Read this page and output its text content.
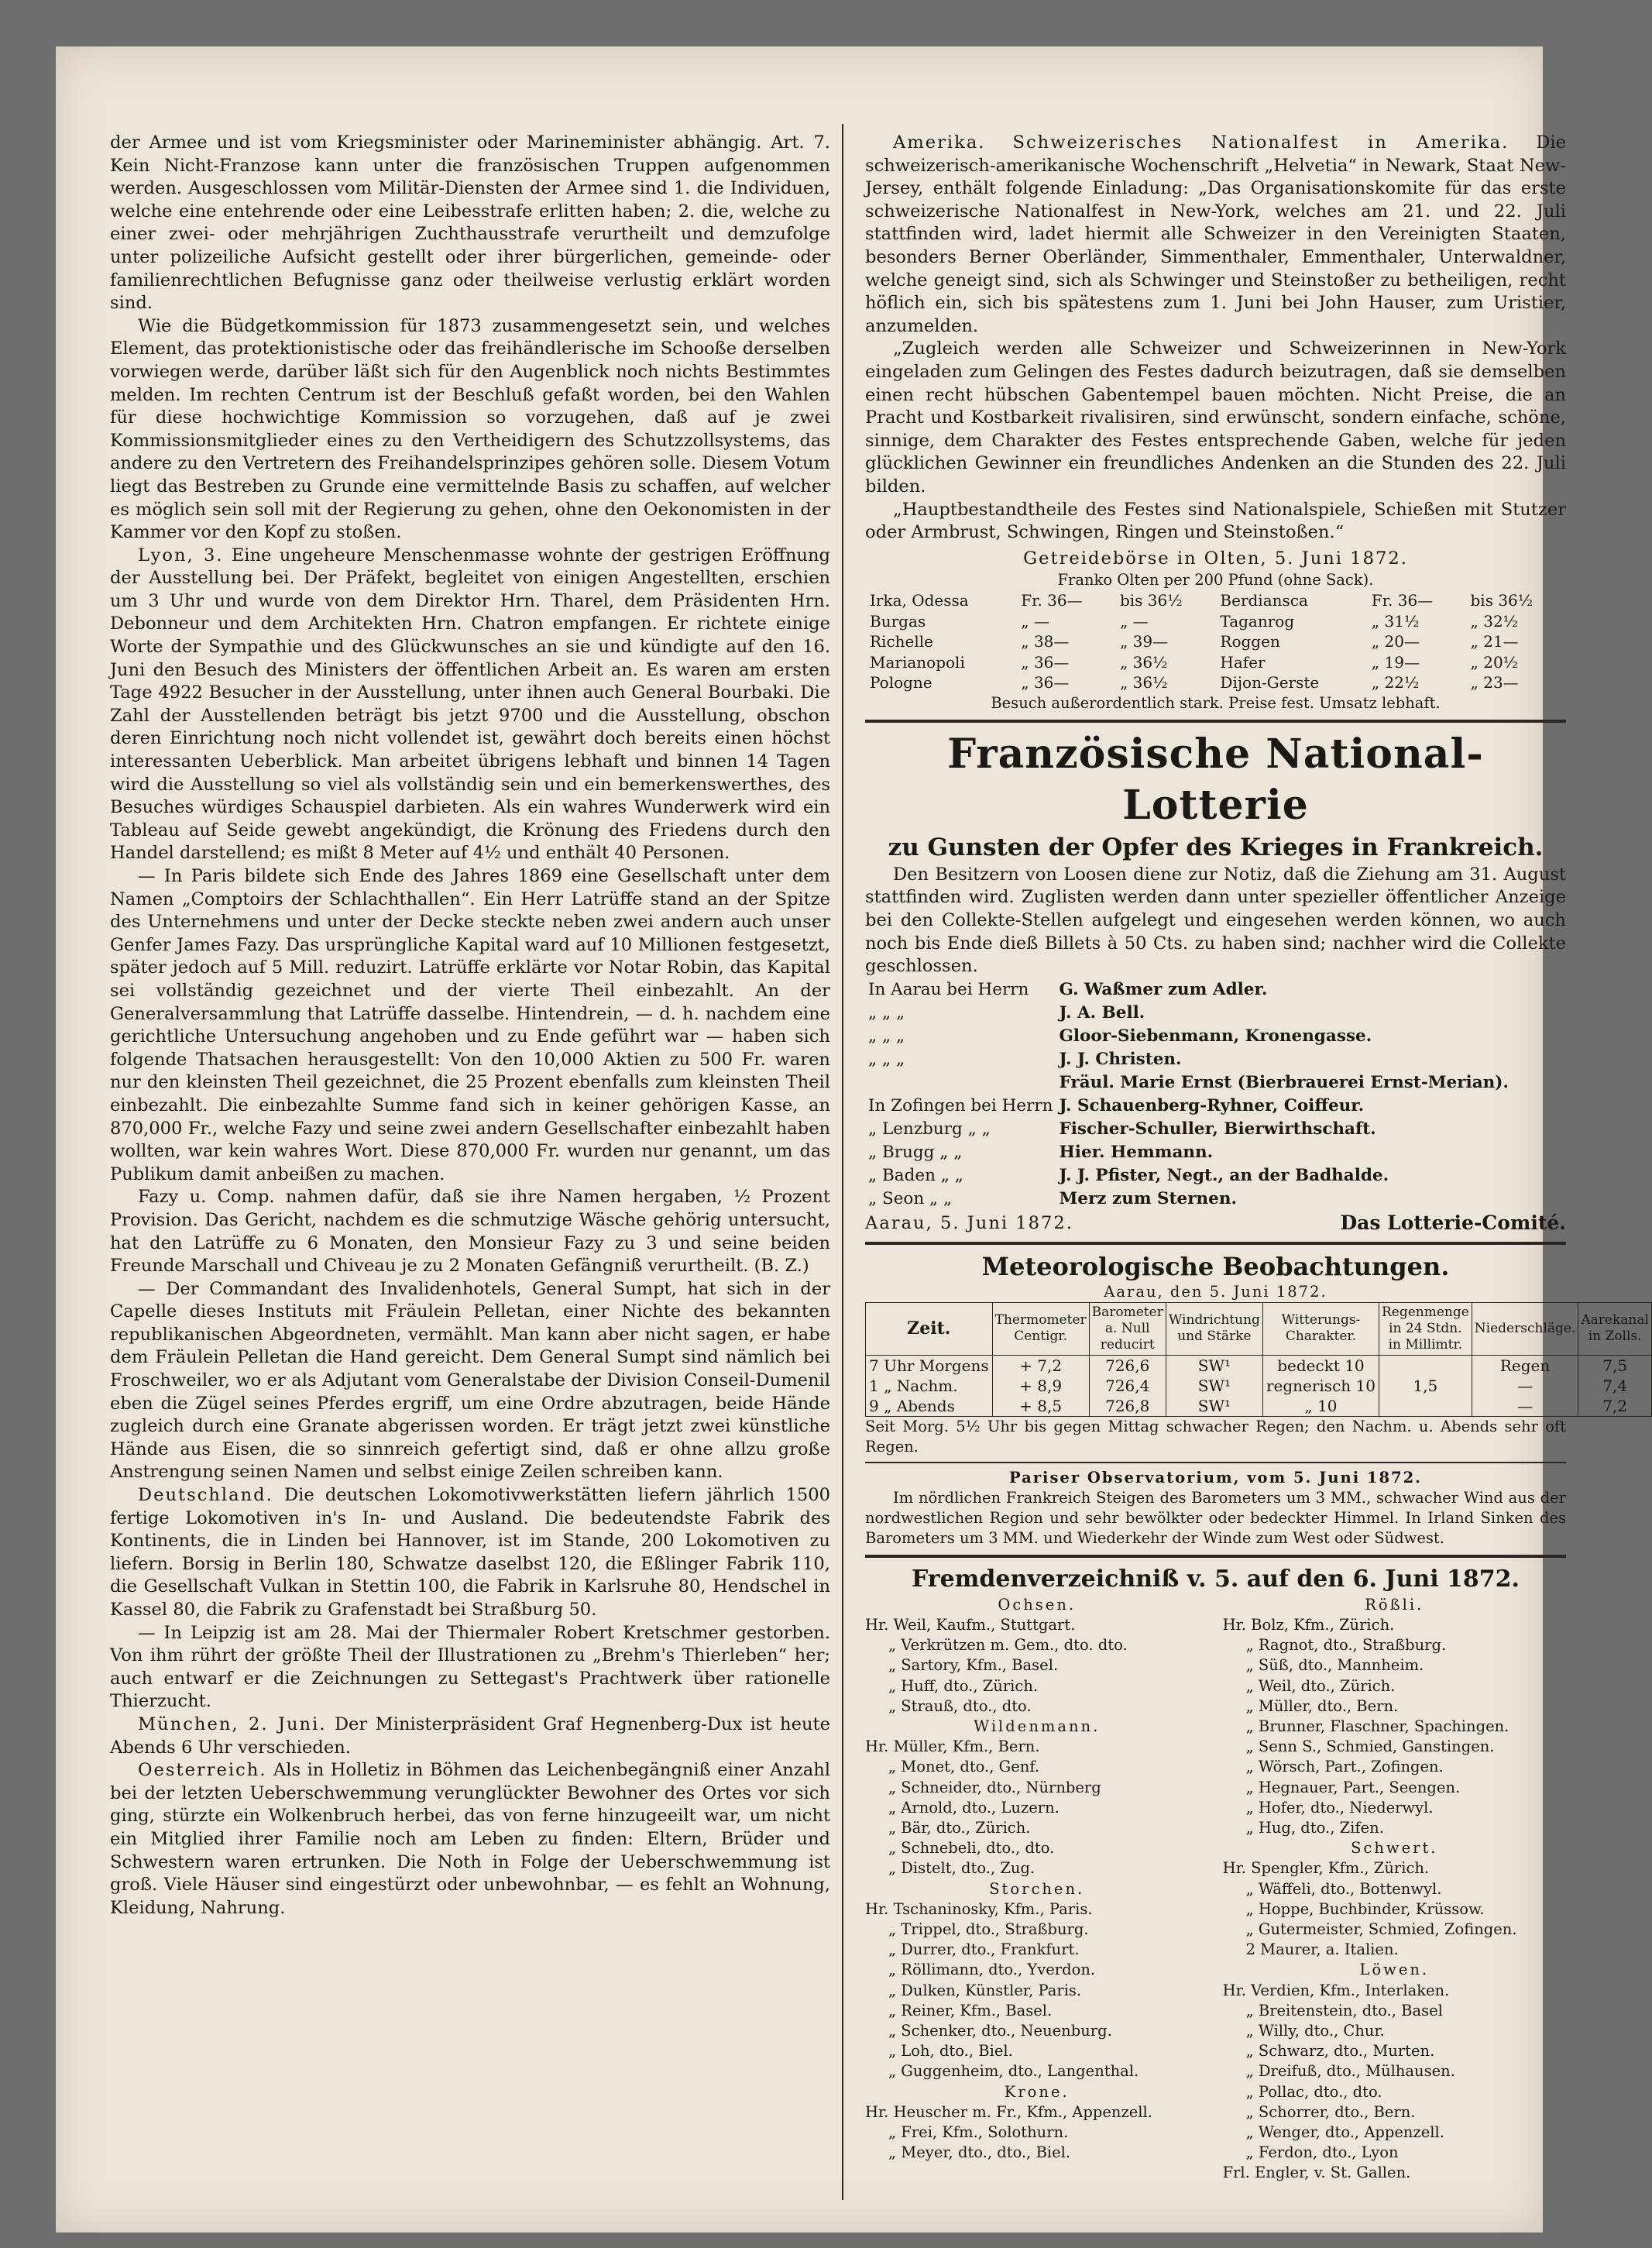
der Armee und ist vom Kriegsminister oder Marineminister abhängig. Art. 7. Kein Nicht-Franzose kann unter die französischen Truppen aufgenommen werden. Ausgeschlossen vom Militär-Diensten der Armee sind 1. die Individuen, welche eine entehrende oder eine Leibesstrafe erlitten haben; 2. die, welche zu einer zwei- oder mehrjährigen Zuchthausstrafe verurtheilt und demzufolge unter polizeiliche Aufsicht gestellt oder ihrer bürgerlichen, gemeinde- oder familienrechtlichen Befugnisse ganz oder theilweise verlustig erklärt worden sind.

Wie die Büdgetkommission für 1873 zusammengesetzt sein, und welches Element, das protektionistische oder das freihändlerische im Schooße derselben vorwiegen werde, darüber läßt sich für den Augenblick noch nichts Bestimmtes melden. Im rechten Centrum ist der Beschluß gefaßt worden, bei den Wahlen für diese hochwichtige Kommission so vorzugehen, daß auf je zwei Kommissionsmitglieder eines zu den Vertheidigern des Schutzzollsystems, das andere zu den Vertretern des Freihandelsprinzipes gehören solle. Diesem Votum liegt das Bestreben zu Grunde eine vermittelnde Basis zu schaffen, auf welcher es möglich sein soll mit der Regierung zu gehen, ohne den Oekonomisten in der Kammer vor den Kopf zu stoßen.

Lyon, 3. Eine ungeheure Menschenmasse wohnte der gestrigen Eröffnung der Ausstellung bei. Der Präfekt, begleitet von einigen Angestellten, erschien um 3 Uhr und wurde von dem Direktor Hrn. Tharel, dem Präsidenten Hrn. Debonneur und dem Architekten Hrn. Chatron empfangen. Er richtete einige Worte der Sympathie und des Glückwunsches an sie und kündigte auf den 16. Juni den Besuch des Ministers der öffentlichen Arbeit an. Es waren am ersten Tage 4922 Besucher in der Ausstellung, unter ihnen auch General Bourbaki. Die Zahl der Ausstellenden beträgt bis jetzt 9700 und die Ausstellung, obschon deren Einrichtung noch nicht vollendet ist, gewährt doch bereits einen höchst interessanten Ueberblick. Man arbeitet übrigens lebhaft und binnen 14 Tagen wird die Ausstellung so viel als vollständig sein und ein bemerkenswerthes, des Besuches würdiges Schauspiel darbieten. Als ein wahres Wunderwerk wird ein Tableau auf Seide gewebt angekündigt, die Krönung des Friedens durch den Handel darstellend; es mißt 8 Meter auf 4½ und enthält 40 Personen.

— In Paris bildete sich Ende des Jahres 1869 eine Gesellschaft unter dem Namen „Comptoirs der Schlachthallen“. Ein Herr Latrüffe stand an der Spitze des Unternehmens und unter der Decke steckte neben zwei andern auch unser Genfer James Fazy. Das ursprüngliche Kapital ward auf 10 Millionen festgesetzt, später jedoch auf 5 Mill. reduzirt. Latrüffe erklärte vor Notar Robin, das Kapital sei vollständig gezeichnet und der vierte Theil einbezahlt. An der Generalversammlung that Latrüffe dasselbe. Hintendrein, — d. h. nachdem eine gerichtliche Untersuchung angehoben und zu Ende geführt war — haben sich folgende Thatsachen herausgestellt: Von den 10,000 Aktien zu 500 Fr. waren nur den kleinsten Theil gezeichnet, die 25 Prozent ebenfalls zum kleinsten Theil einbezahlt. Die einbezahlte Summe fand sich in keiner gehörigen Kasse, an 870,000 Fr., welche Fazy und seine zwei andern Gesellschafter einbezahlt haben wollten, war kein wahres Wort. Diese 870,000 Fr. wurden nur genannt, um das Publikum damit anbeißen zu machen.

Fazy u. Comp. nahmen dafür, daß sie ihre Namen hergaben, ½ Prozent Provision. Das Gericht, nachdem es die schmutzige Wäsche gehörig untersucht, hat den Latrüffe zu 6 Monaten, den Monsieur Fazy zu 3 und seine beiden Freunde Marschall und Chiveau je zu 2 Monaten Gefängniß verurtheilt. (B. Z.)

— Der Commandant des Invalidenhotels, General Sumpt, hat sich in der Capelle dieses Instituts mit Fräulein Pelletan, einer Nichte des bekannten republikanischen Abgeordneten, vermählt. Man kann aber nicht sagen, er habe dem Fräulein Pelletan die Hand gereicht. Dem General Sumpt sind nämlich bei Froschweiler, wo er als Adjutant vom Generalstabe der Division Conseil-Dumenil eben die Zügel seines Pferdes ergriff, um eine Ordre abzutragen, beide Hände zugleich durch eine Granate abgerissen worden. Er trägt jetzt zwei künstliche Hände aus Eisen, die so sinnreich gefertigt sind, daß er ohne allzu große Anstrengung seinen Namen und selbst einige Zeilen schreiben kann.

Deutschland. Die deutschen Lokomotivwerkstätten liefern jährlich 1500 fertige Lokomotiven in's In- und Ausland. Die bedeutendste Fabrik des Kontinents, die in Linden bei Hannover, ist im Stande, 200 Lokomotiven zu liefern. Borsig in Berlin 180, Schwatze daselbst 120, die Eßlinger Fabrik 110, die Gesellschaft Vulkan in Stettin 100, die Fabrik in Karlsruhe 80, Hendschel in Kassel 80, die Fabrik zu Grafenstadt bei Straßburg 50.

— In Leipzig ist am 28. Mai der Thiermaler Robert Kretschmer gestorben. Von ihm rührt der größte Theil der Illustrationen zu „Brehm's Thierleben“ her; auch entwarf er die Zeichnungen zu Settegast's Prachtwerk über rationelle Thierzucht.

München, 2. Juni. Der Ministerpräsident Graf Hegnenberg-Dux ist heute Abends 6 Uhr verschieden.

Oesterreich. Als in Holletiz in Böhmen das Leichenbegängniß einer Anzahl bei der letzten Ueberschwemmung verunglückter Bewohner des Ortes vor sich ging, stürzte ein Wolkenbruch herbei, das von ferne hinzugeeilt war, um nicht ein Mitglied ihrer Familie noch am Leben zu finden: Eltern, Brüder und Schwestern waren ertrunken. Die Noth in Folge der Ueberschwemmung ist groß. Viele Häuser sind eingestürzt oder unbewohnbar, — es fehlt an Wohnung, Kleidung, Nahrung.

Amerika. Schweizerisches Nationalfest in Amerika. Die schweizerisch-amerikanische Wochenschrift „Helvetia“ in Newark, Staat New-Jersey, enthält folgende Einladung: „Das Organisationskomite für das erste schweizerische Nationalfest in New-York, welches am 21. und 22. Juli stattfinden wird, ladet hiermit alle Schweizer in den Vereinigten Staaten, besonders Berner Oberländer, Simmenthaler, Emmenthaler, Unterwaldner, welche geneigt sind, sich als Schwinger und Steinstoßer zu betheiligen, recht höflich ein, sich bis spätestens zum 1. Juni bei John Hauser, zum Uristier, anzumelden.

„Zugleich werden alle Schweizer und Schweizerinnen in New-York eingeladen zum Gelingen des Festes dadurch beizutragen, daß sie demselben einen recht hübschen Gabentempel bauen möchten. Nicht Preise, die an Pracht und Kostbarkeit rivalisiren, sind erwünscht, sondern einfache, schöne, sinnige, dem Charakter des Festes entsprechende Gaben, welche für jeden glücklichen Gewinner ein freundliches Andenken an die Stunden des 22. Juli bilden.

„Hauptbestandtheile des Festes sind Nationalspiele, Schießen mit Stutzer oder Armbrust, Schwingen, Ringen und Steinstoßen.“

Getreidebörse in Olten, 5. Juni 1872.

Franko Olten per 200 Pfund (ohne Sack).

Irka, Odessa	Fr. 36—	bis 36½	Berdiansca	Fr. 36—	bis 36½
Burgas	„ —	„ —	Taganrog	„ 31½	„ 32½
Richelle	„ 38—	„ 39—	Roggen	„ 20—	„ 21—
Marianopoli	„ 36—	„ 36½	Hafer	„ 19—	„ 20½
Pologne	„ 36—	„ 36½	Dijon-Gerste	„ 22½	„ 23—

Besuch außerordentlich stark. Preise fest. Umsatz lebhaft.

Französische National-Lotterie
zu Gunsten der Opfer des Krieges in Frankreich.

Den Besitzern von Loosen diene zur Notiz, daß die Ziehung am 31. August stattfinden wird. Zuglisten werden dann unter spezieller öffentlicher Anzeige bei den Collekte-Stellen aufgelegt und eingesehen werden können, wo auch noch bis Ende dieß Billets à 50 Cts. zu haben sind; nachher wird die Collekte geschlossen.

In Aarau bei Herrn	G. Waßmer zum Adler.
„ „ „	J. A. Bell.
„ „ „	Gloor-Siebenmann, Kronengasse.
„ „ „	J. J. Christen.
	Fräul. Marie Ernst (Bierbrauerei Ernst-Merian).
In Zofingen bei Herrn	J. Schauenberg-Ryhner, Coiffeur.
„ Lenzburg „ „	Fischer-Schuller, Bierwirthschaft.
„ Brugg „ „	Hier. Hemmann.
„ Baden „ „	J. J. Pfister, Negt., an der Badhalde.
„ Seon „ „	Merz zum Sternen.
Aarau, 5. Juni 1872.	Das Lotterie-Comité.
Meteorologische Beobachtungen.

Aarau, den 5. Juni 1872.

Zeit.	Thermometer Centigr.	Barometer a. Null reducirt	Windrichtung und Stärke	Witterungs-Charakter.	Regenmenge in 24 Stdn. in Millimtr.	Niederschläge.	Aarekanal in Zolls.
7 Uhr Morgens	+ 7,2	726,6	SW¹	bedeckt 10		Regen	7,5
1 „ Nachm.	+ 8,9	726,4	SW¹	regnerisch 10	1,5	—	7,4
9 „ Abends	+ 8,5	726,8	SW¹	„ 10		—	7,2

Seit Morg. 5½ Uhr bis gegen Mittag schwacher Regen; den Nachm. u. Abends sehr oft Regen.

Pariser Observatorium, vom 5. Juni 1872.

Im nördlichen Frankreich Steigen des Barometers um 3 MM., schwacher Wind aus der nordwestlichen Region und sehr bewölkter oder bedeckter Himmel. In Irland Sinken des Barometers um 3 MM. und Wiederkehr der Winde zum West oder Südwest.

Fremdenverzeichniß v. 5. auf den 6. Juni 1872.
Ochsen.
Hr. Weil, Kaufm., Stuttgart.
„ Verkrützen m. Gem., dto. dto.
„ Sartory, Kfm., Basel.
„ Huff, dto., Zürich.
„ Strauß, dto., dto.
Wildenmann.
Hr. Müller, Kfm., Bern.
„ Monet, dto., Genf.
„ Schneider, dto., Nürnberg
„ Arnold, dto., Luzern.
„ Bär, dto., Zürich.
„ Schnebeli, dto., dto.
„ Distelt, dto., Zug.
Storchen.
Hr. Tschaninosky, Kfm., Paris.
„ Trippel, dto., Straßburg.
„ Durrer, dto., Frankfurt.
„ Röllimann, dto., Yverdon.
„ Dulken, Künstler, Paris.
„ Reiner, Kfm., Basel.
„ Schenker, dto., Neuenburg.
„ Loh, dto., Biel.
„ Guggenheim, dto., Langenthal.
Krone.
Hr. Heuscher m. Fr., Kfm., Appenzell.
„ Frei, Kfm., Solothurn.
„ Meyer, dto., dto., Biel.
Rößli.
Hr. Bolz, Kfm., Zürich.
„ Ragnot, dto., Straßburg.
„ Süß, dto., Mannheim.
„ Weil, dto., Zürich.
„ Müller, dto., Bern.
„ Brunner, Flaschner, Spachingen.
„ Senn S., Schmied, Ganstingen.
„ Wörsch, Part., Zofingen.
„ Hegnauer, Part., Seengen.
„ Hofer, dto., Niederwyl.
„ Hug, dto., Zifen.
Schwert.
Hr. Spengler, Kfm., Zürich.
„ Wäffeli, dto., Bottenwyl.
„ Hoppe, Buchbinder, Krüssow.
„ Gutermeister, Schmied, Zofingen.
2 Maurer, a. Italien.
Löwen.
Hr. Verdien, Kfm., Interlaken.
„ Breitenstein, dto., Basel
„ Willy, dto., Chur.
„ Schwarz, dto., Murten.
„ Dreifuß, dto., Mülhausen.
„ Pollac, dto., dto.
„ Schorrer, dto., Bern.
„ Wenger, dto., Appenzell.
„ Ferdon, dto., Lyon
Frl. Engler, v. St. Gallen.
